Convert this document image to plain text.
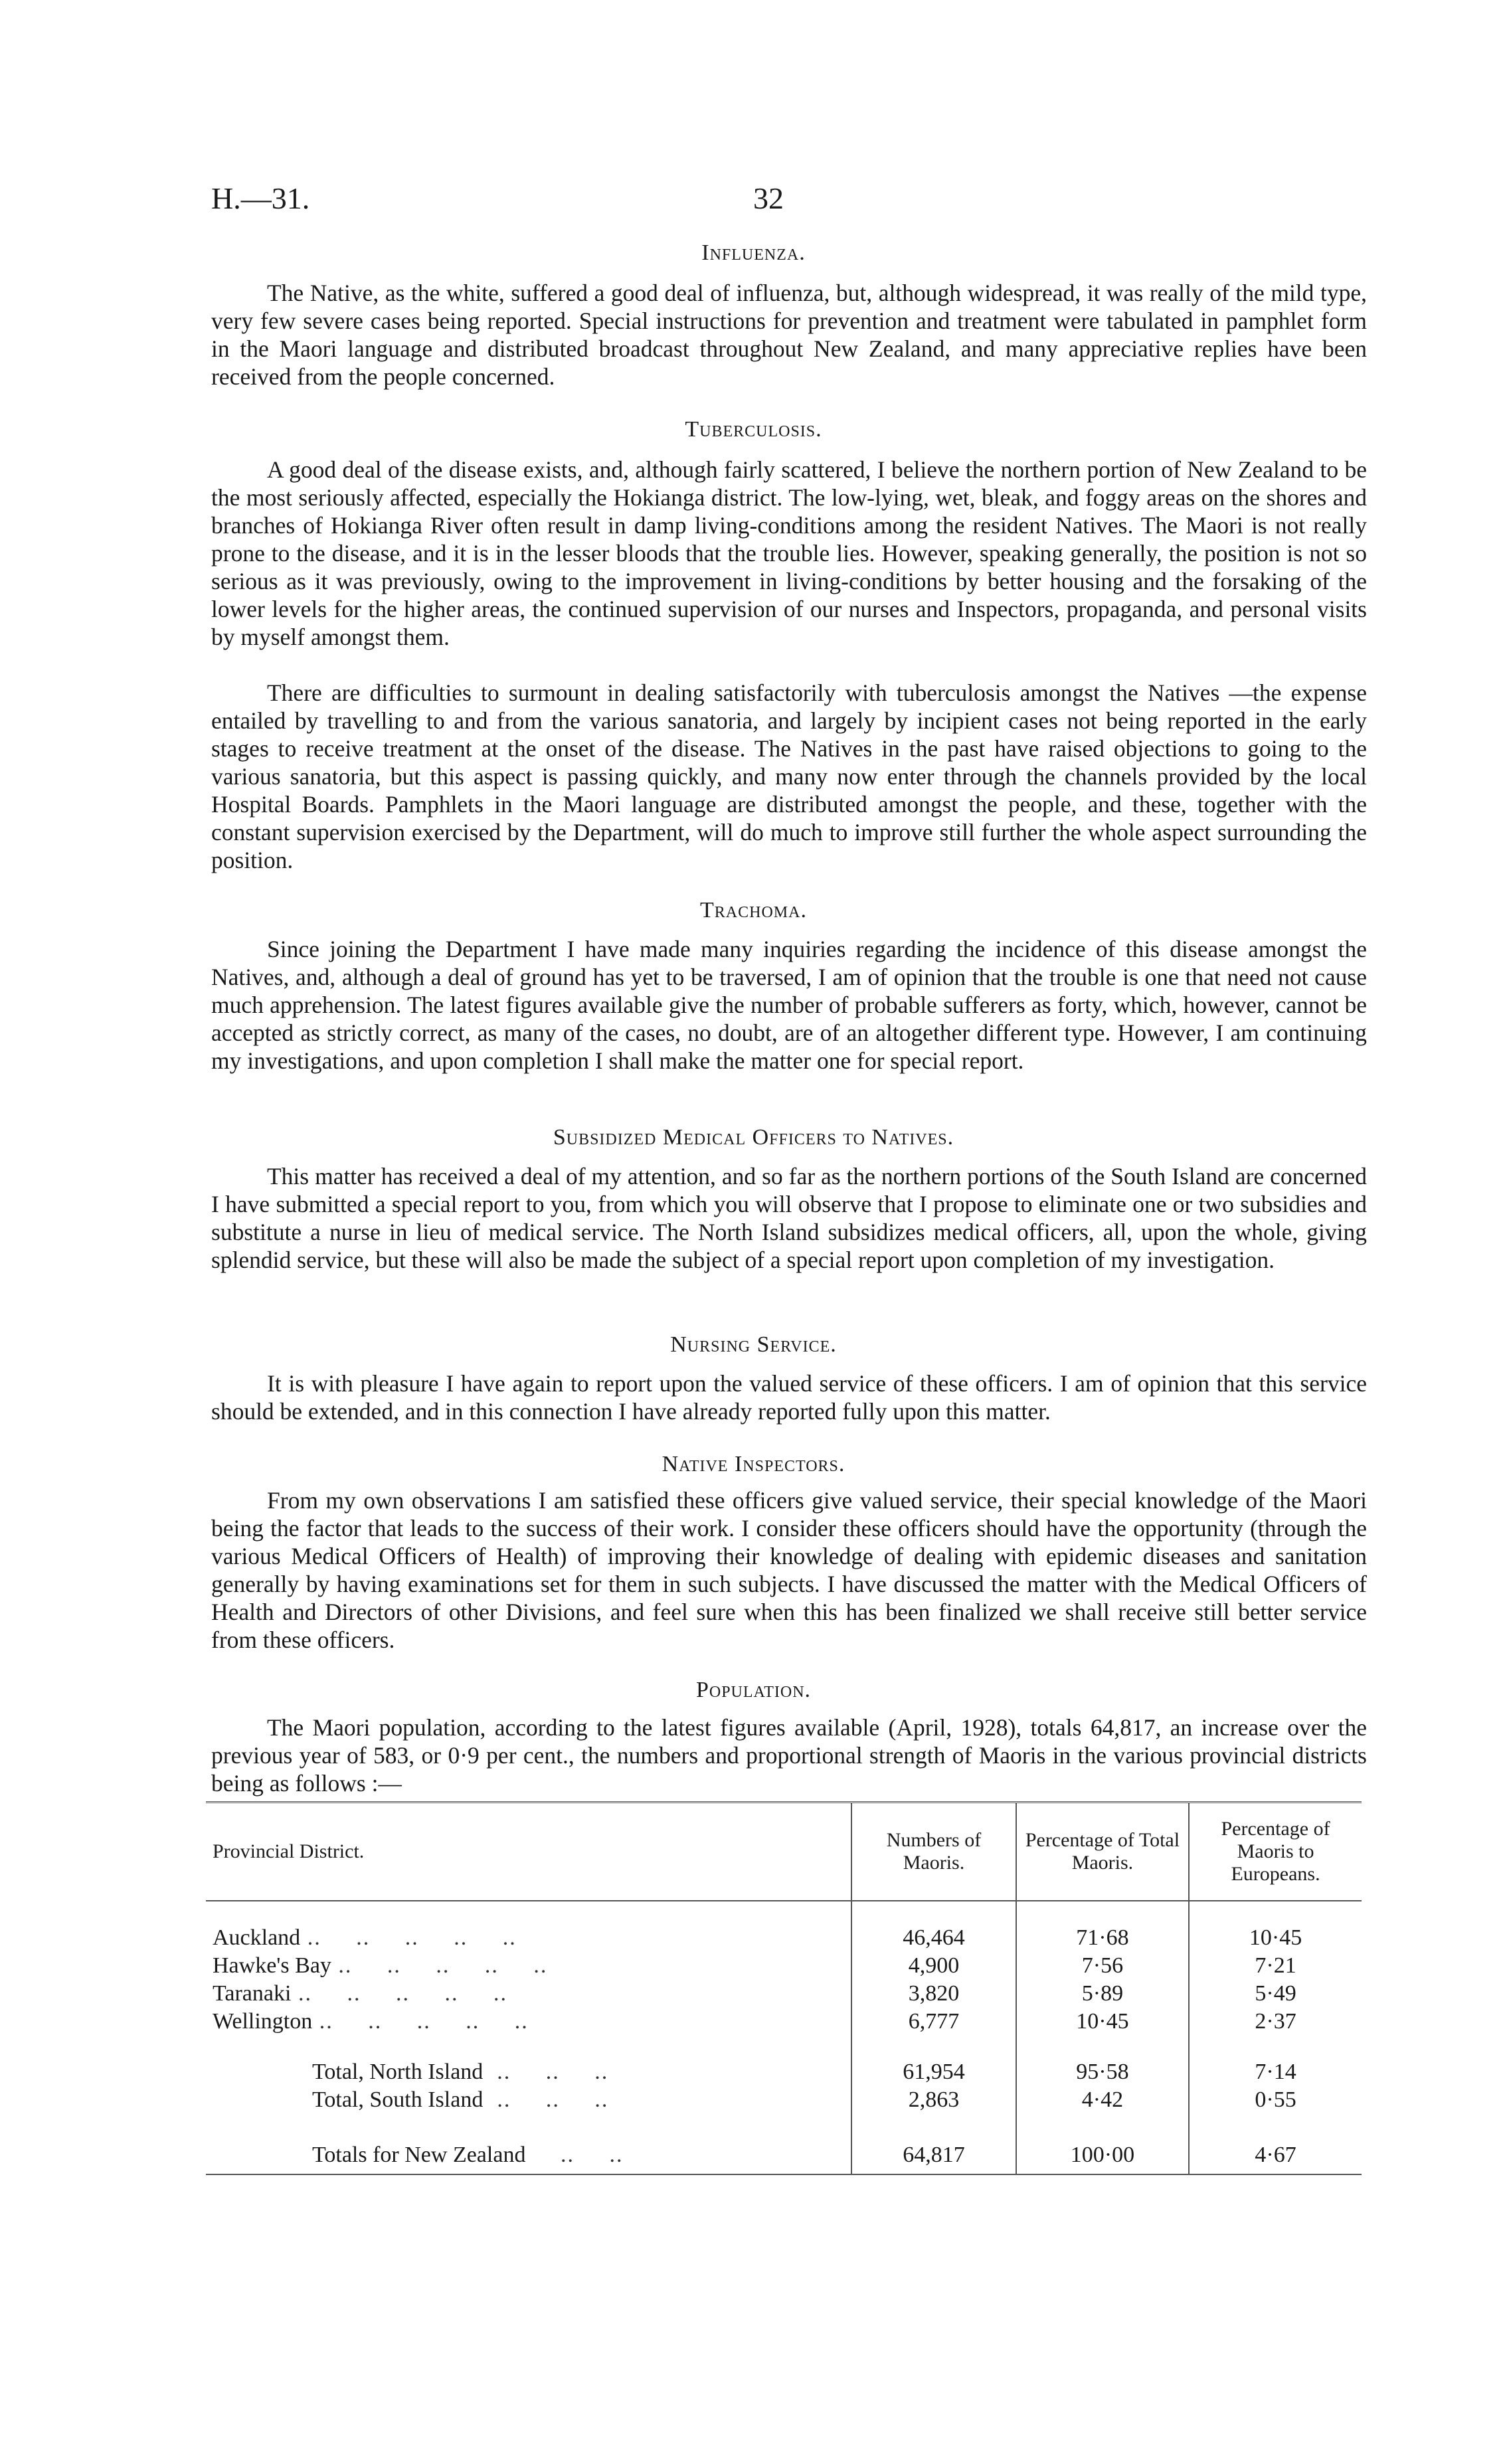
H.—31.	32
Influenza.

The Native, as the white, suffered a good deal of influenza, but, although widespread, it was really of the mild type, very few severe cases being reported. Special instructions for prevention and treatment were tabulated in pamphlet form in the Maori language and distributed broadcast throughout New Zealand, and many appreciative replies have been received from the people concerned.

Tuberculosis.

A good deal of the disease exists, and, although fairly scattered, I believe the northern portion of New Zealand to be the most seriously affected, especially the Hokianga district. The low-lying, wet, bleak, and foggy areas on the shores and branches of Hokianga River often result in damp living-conditions among the resident Natives. The Maori is not really prone to the disease, and it is in the lesser bloods that the trouble lies. However, speaking generally, the position is not so serious as it was previously, owing to the improvement in living-conditions by better housing and the forsaking of the lower levels for the higher areas, the continued supervision of our nurses and Inspectors, propaganda, and personal visits by myself amongst them.

There are difficulties to surmount in dealing satisfactorily with tuberculosis amongst the Natives —the expense entailed by travelling to and from the various sanatoria, and largely by incipient cases not being reported in the early stages to receive treatment at the onset of the disease. The Natives in the past have raised objections to going to the various sanatoria, but this aspect is passing quickly, and many now enter through the channels provided by the local Hospital Boards. Pamphlets in the Maori language are distributed amongst the people, and these, together with the constant supervision exercised by the Department, will do much to improve still further the whole aspect surrounding the position.

Trachoma.

Since joining the Department I have made many inquiries regarding the incidence of this disease amongst the Natives, and, although a deal of ground has yet to be traversed, I am of opinion that the trouble is one that need not cause much apprehension. The latest figures available give the number of probable sufferers as forty, which, however, cannot be accepted as strictly correct, as many of the cases, no doubt, are of an altogether different type. However, I am continuing my investigations, and upon completion I shall make the matter one for special report.

Subsidized Medical Officers to Natives.

This matter has received a deal of my attention, and so far as the northern portions of the South Island are concerned I have submitted a special report to you, from which you will observe that I propose to eliminate one or two subsidies and substitute a nurse in lieu of medical service. The North Island subsidizes medical officers, all, upon the whole, giving splendid service, but these will also be made the subject of a special report upon completion of my investigation.

Nursing Service.

It is with pleasure I have again to report upon the valued service of these officers. I am of opinion that this service should be extended, and in this connection I have already reported fully upon this matter.

Native Inspectors.

From my own observations I am satisfied these officers give valued service, their special knowledge of the Maori being the factor that leads to the success of their work. I consider these officers should have the opportunity (through the various Medical Officers of Health) of improving their knowledge of dealing with epidemic diseases and sanitation generally by having examinations set for them in such subjects. I have discussed the matter with the Medical Officers of Health and Directors of other Divisions, and feel sure when this has been finalized we shall receive still better service from these officers.

Population.

The Maori population, according to the latest figures available (April, 1928), totals 64,817, an increase over the previous year of 583, or 0·9 per cent., the numbers and proportional strength of Maoris in the various provincial districts being as follows :—

Provincial District.	Numbers of Maoris.	Percentage of Total Maoris.	Percentage of Maoris to Europeans.

Auckland ..     ..     ..     ..     ..	46,464	71·68	10·45
Hawke's Bay ..     ..     ..     ..     ..	4,900	7·56	7·21
Taranaki ..     ..     ..     ..     ..	3,820	5·89	5·49
Wellington ..     ..     ..     ..     ..	6,777	10·45	2·37

Total, North Island  ..     ..     ..	61,954	95·58	7·14
Total, South Island  ..     ..     ..	2,863	4·42	0·55

Totals for New Zealand     ..     ..	64,817	100·00	4·67
